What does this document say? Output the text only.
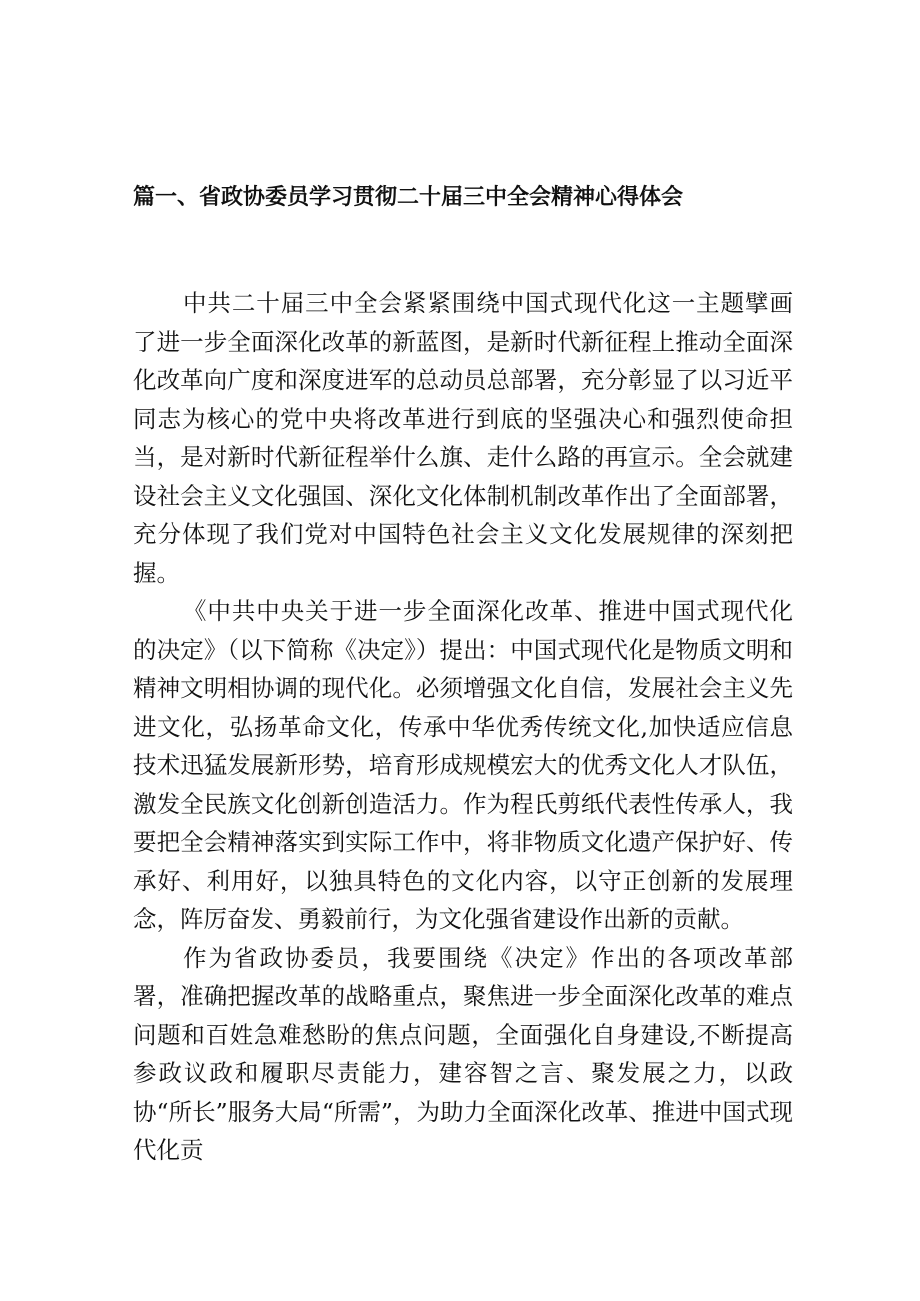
篇一、省政协委员学习贯彻二十届三中全会精神心得体会

中共二十届三中全会紧紧围绕中国式现代化这一主题擘画了进一步全面深化改革的新蓝图，是新时代新征程上推动全面深化改革向广度和深度进军的总动员总部署，充分彰显了以习近平同志为核心的党中央将改革进行到底的坚强决心和强烈使命担当，是对新时代新征程举什么旗、走什么路的再宣示。全会就建设社会主义文化强国、深化文化体制机制改革作出了全面部署，充分体现了我们党对中国特色社会主义文化发展规律的深刻把握。

《中共中央关于进一步全面深化改革、推进中国式现代化的决定》（以下简称《决定》）提出：中国式现代化是物质文明和精神文明相协调的现代化。必须增强文化自信，发展社会主义先进文化，弘扬革命文化，传承中华优秀传统文化,加快适应信息技术迅猛发展新形势，培育形成规模宏大的优秀文化人才队伍，激发全民族文化创新创造活力。作为程氏剪纸代表性传承人，我要把全会精神落实到实际工作中，将非物质文化遗产保护好、传承好、利用好，以独具特色的文化内容，以守正创新的发展理念，阵厉奋发、勇毅前行，为文化强省建设作出新的贡献。

作为省政协委员，我要围绕《决定》作出的各项改革部署，准确把握改革的战略重点，聚焦进一步全面深化改革的难点问题和百姓急难愁盼的焦点问题，全面强化自身建设,不断提高参政议政和履职尽责能力，建容智之言、聚发展之力，以政协“所长”服务大局“所需”，为助力全面深化改革、推进中国式现代化贡
